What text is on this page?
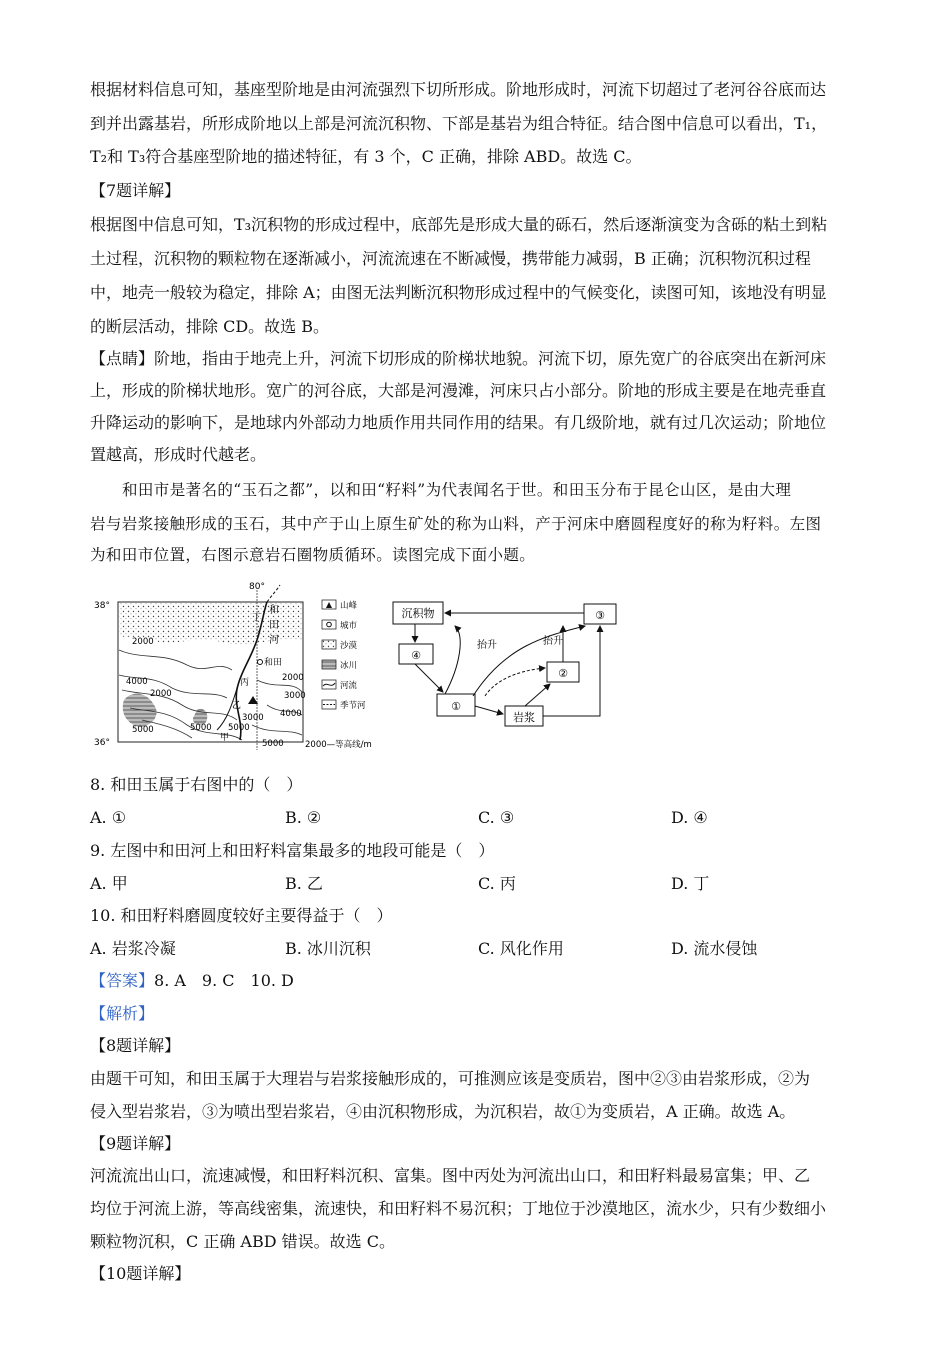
根据材料信息可知，基座型阶地是由河流强烈下切所形成。阶地形成时，河流下切超过了老河谷谷底而达
到并出露基岩，所形成阶地以上部是河流沉积物、下部是基岩为组合特征。结合图中信息可以看出，T₁，
T₂和 T₃符合基座型阶地的描述特征，有 3 个，C 正确，排除 ABD。故选 C。
【7题详解】
根据图中信息可知，T₃沉积物的形成过程中，底部先是形成大量的砾石，然后逐渐演变为含砾的粘土到粘
土过程，沉积物的颗粒物在逐渐减小，河流流速在不断减慢，携带能力减弱，B 正确；沉积物沉积过程
中，地壳一般较为稳定，排除 A；由图无法判断沉积物形成过程中的气候变化，读图可知，该地没有明显
的断层活动，排除 CD。故选 B。
【点睛】阶地，指由于地壳上升，河流下切形成的阶梯状地貌。河流下切，原先宽广的谷底突出在新河床
上，形成的阶梯状地形。宽广的河谷底，大部是河漫滩，河床只占小部分。阶地的形成主要是在地壳垂直
升降运动的影响下，是地球内外部动力地质作用共同作用的结果。有几级阶地，就有过几次运动；阶地位
置越高，形成时代越老。
和田市是著名的“玉石之都”，以和田“籽料”为代表闻名于世。和田玉分布于昆仑山区，是由大理
岩与岩浆接触形成的玉石，其中产于山上原生矿处的称为山料，产于河床中磨圆程度好的称为籽料。左图
为和田市位置，右图示意岩石圈物质循环。读图完成下面小题。
38°
36°
80°
和
田
河
和田
2000
4000
5000
2000
3000
4000
5000 5000
3000
5000
2000
丙
乙
甲
丁
山峰
城市
沙漠
冰川
河流
季节河
2000—等高线/m
沉积物	③
④
②
①
岩浆
抬升	抬升
8. 和田玉属于右图中的（　）
A. ①	B. ②	C. ③	D. ④
9. 左图中和田河上和田籽料富集最多的地段可能是（　）
A. 甲	B. 乙	C. 丙	D. 丁
10. 和田籽料磨圆度较好主要得益于（　）
A. 岩浆冷凝	B. 冰川沉积	C. 风化作用	D. 流水侵蚀
【答案】8. A　9. C　10. D
【解析】
【8题详解】
由题干可知，和田玉属于大理岩与岩浆接触形成的，可推测应该是变质岩，图中②③由岩浆形成，②为
侵入型岩浆岩，③为喷出型岩浆岩，④由沉积物形成，为沉积岩，故①为变质岩，A 正确。故选 A。
【9题详解】
河流流出山口，流速减慢，和田籽料沉积、富集。图中丙处为河流出山口，和田籽料最易富集；甲、乙
均位于河流上游，等高线密集，流速快，和田籽料不易沉积；丁地位于沙漠地区，流水少，只有少数细小
颗粒物沉积，C 正确 ABD 错误。故选 C。
【10题详解】
